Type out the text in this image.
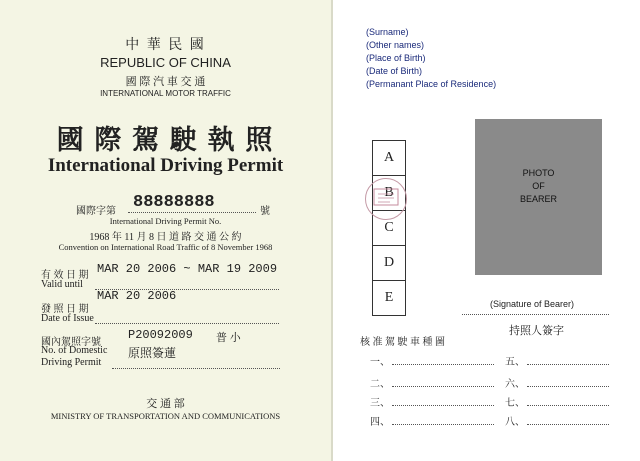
中 華 民 國
REPUBLIC OF CHINA
國 際 汽 車 交 通
INTERNATIONAL MOTOR TRAFFIC
國 際 駕 駛 執 照
International Driving Permit
國際字第 88888888	號
International Driving Permit No.
1968 年 11 月 8 日 道 路 交 通 公 約
Convention on International Road Traffic of 8 November 1968
有 效 日 期
Valid until
MAR 20 2006 ~ MAR 19 2009
發 照 日 期
Date of Issue
MAR 20 2006
國內駕照字號
No. of Domestic
Driving Permit
P20092009 普 小
原照簽蓮
交 通 部
MINISTRY OF TRANSPORTATION AND COMMUNICATIONS
(Surname)
(Other names)
(Place of Birth)
(Date of Birth)
(Permanant Place of Residence)
A
B
C
D
E
PHOTO
OF
BEARER
(Signature of Bearer)
持照人簽字
核 准 駕 駛 車 種 圖
一、
二、
三、
四、
五、
六、
七、
八、
